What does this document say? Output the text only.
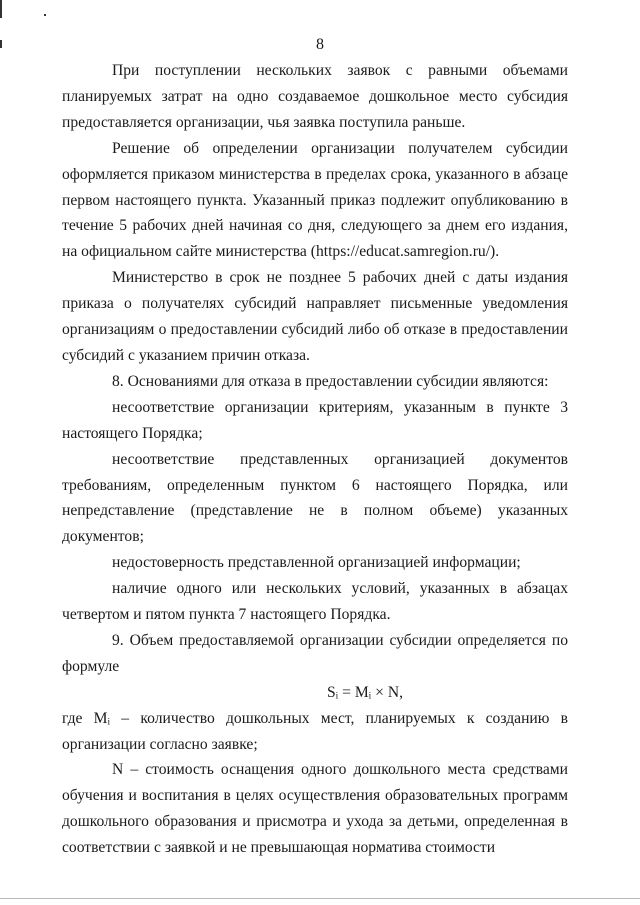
8

При поступлении нескольких заявок с равными объемами планируемых затрат на одно создаваемое дошкольное место субсидия предоставляется организации, чья заявка поступила раньше.

Решение об определении организации получателем субсидии оформляется приказом министерства в пределах срока, указанного в абзаце первом настоящего пункта. Указанный приказ подлежит опубликованию в течение 5 рабочих дней начиная со дня, следующего за днем его издания, на официальном сайте министерства (https://educat.samregion.ru/).

Министерство в срок не позднее 5 рабочих дней с даты издания приказа о получателях субсидий направляет письменные уведомления организациям о предоставлении субсидий либо об отказе в предоставлении субсидий с указанием причин отказа.

8. Основаниями для отказа в предоставлении субсидии являются:

несоответствие организации критериям, указанным в пункте 3 настоящего Порядка;

несоответствие представленных организацией документов требованиям, определенным пунктом 6 настоящего Порядка, или непредставление (представление не в полном объеме) указанных документов;

недостоверность представленной организацией информации;

наличие одного или нескольких условий, указанных в абзацах четвертом и пятом пункта 7 настоящего Порядка.

9. Объем предоставляемой организации субсидии определяется по формуле

Sᵢ = Mᵢ × N,

где Mᵢ – количество дошкольных мест, планируемых к созданию в организации согласно заявке;

N – стоимость оснащения одного дошкольного места средствами обучения и воспитания в целях осуществления образовательных программ дошкольного образования и присмотра и ухода за детьми, определенная в соответствии с заявкой и не превышающая норматива стоимости
